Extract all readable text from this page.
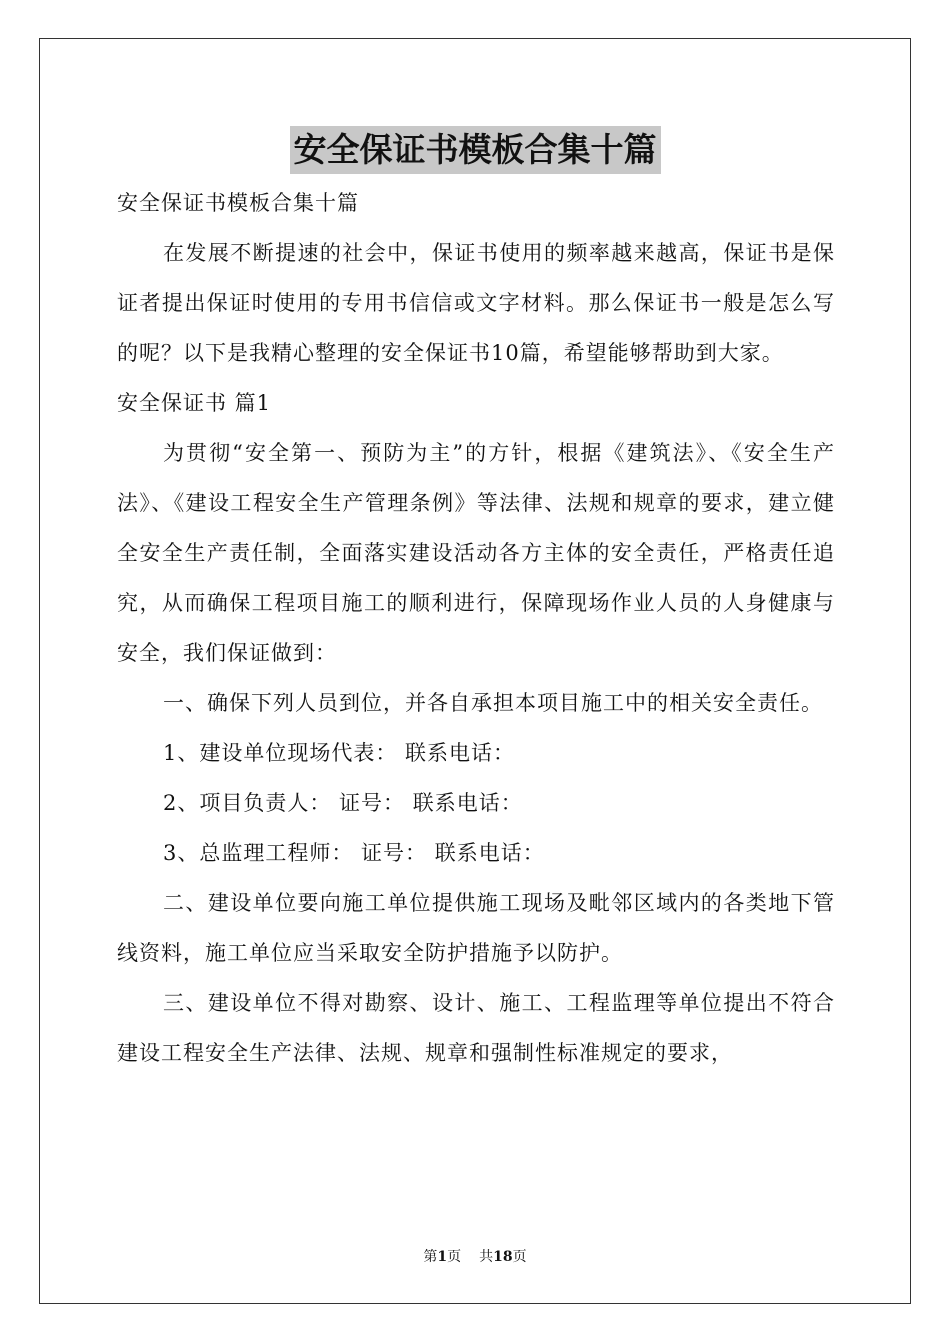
安全保证书模板合集十篇

安全保证书模板合集十篇

在发展不断提速的社会中，保证书使用的频率越来越高，保证书是保证者提出保证时使用的专用书信信或文字材料。那么保证书一般是怎么写的呢？以下是我精心整理的安全保证书10篇，希望能够帮助到大家。

安全保证书 篇1

为贯彻“安全第一、预防为主”的方针，根据《建筑法》、《安全生产法》、《建设工程安全生产管理条例》等法律、法规和规章的要求，建立健全安全生产责任制，全面落实建设活动各方主体的安全责任，严格责任追究，从而确保工程项目施工的顺利进行，保障现场作业人员的人身健康与安全，我们保证做到：

一、确保下列人员到位，并各自承担本项目施工中的相关安全责任。

1、建设单位现场代表： 联系电话：

2、项目负责人： 证号： 联系电话：

3、总监理工程师： 证号： 联系电话：

二、建设单位要向施工单位提供施工现场及毗邻区域内的各类地下管线资料，施工单位应当采取安全防护措施予以防护。

三、建设单位不得对勘察、设计、施工、工程监理等单位提出不符合建设工程安全生产法律、法规、规章和强制性标准规定的要求，

第1页 共18页
